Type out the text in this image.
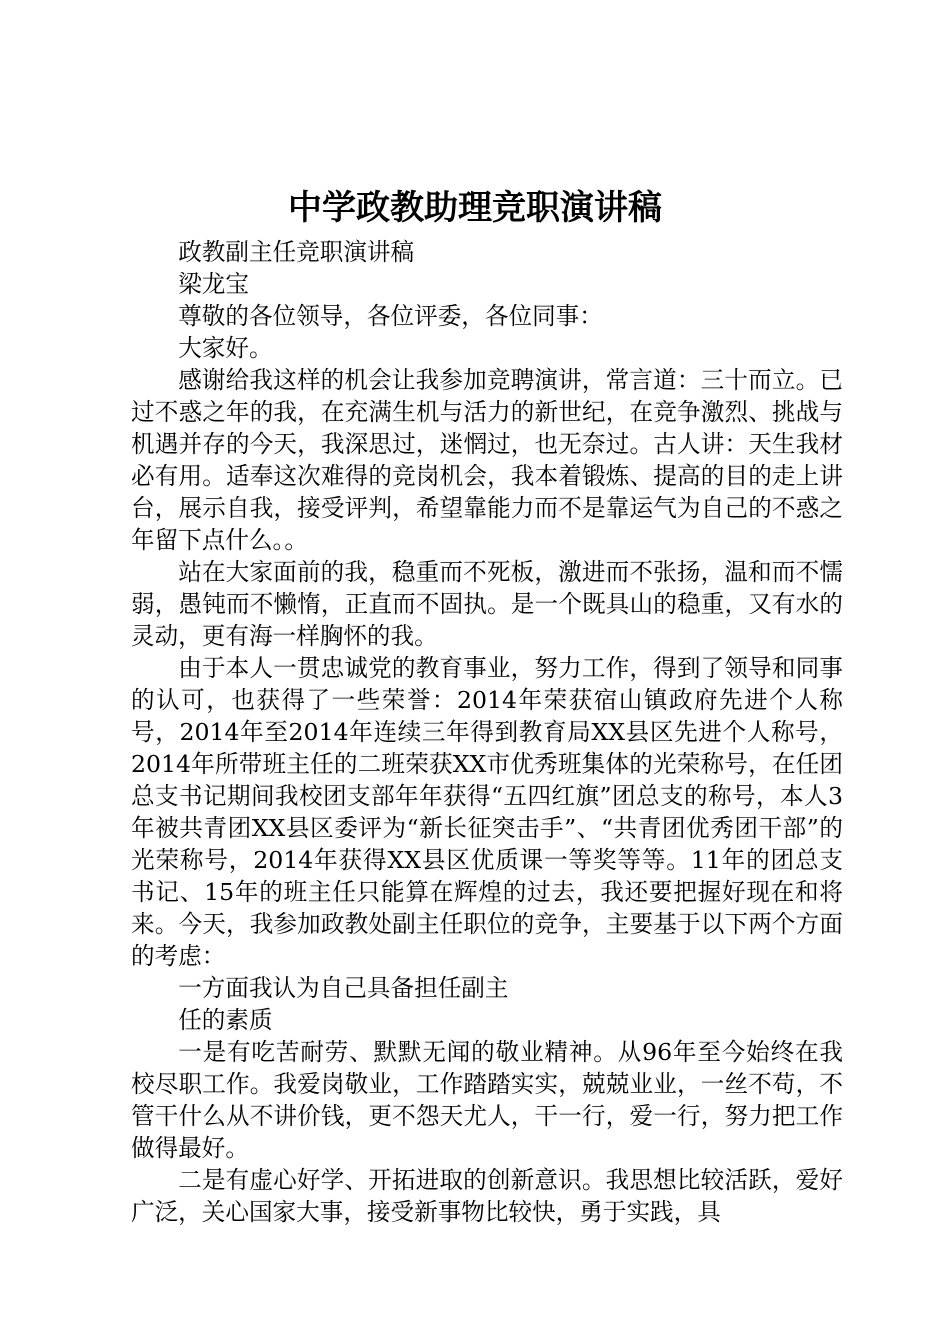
中学政教助理竞职演讲稿

政教副主任竞职演讲稿

梁龙宝

尊敬的各位领导，各位评委，各位同事：

大家好。

感谢给我这样的机会让我参加竞聘演讲，常言道：三十而立。已过不惑之年的我，在充满生机与活力的新世纪，在竞争激烈、挑战与机遇并存的今天，我深思过，迷惘过，也无奈过。古人讲：天生我材必有用。适奉这次难得的竞岗机会，我本着锻炼、提高的目的走上讲台，展示自我，接受评判，希望靠能力而不是靠运气为自己的不惑之年留下点什么。。

站在大家面前的我，稳重而不死板，激进而不张扬，温和而不懦弱，愚钝而不懒惰，正直而不固执。是一个既具山的稳重，又有水的灵动，更有海一样胸怀的我。

由于本人一贯忠诚党的教育事业，努力工作，得到了领导和同事的认可，也获得了一些荣誉：2014年荣获宿山镇政府先进个人称号，2014年至2014年连续三年得到教育局XX县区先进个人称号，2014年所带班主任的二班荣获XX市优秀班集体的光荣称号，在任团总支书记期间我校团支部年年获得“五四红旗”团总支的称号，本人3年被共青团XX县区委评为“新长征突击手”、“共青团优秀团干部”的光荣称号，2014年获得XX县区优质课一等奖等等。11年的团总支书记、15年的班主任只能算在辉煌的过去，我还要把握好现在和将来。今天，我参加政教处副主任职位的竞争，主要基于以下两个方面的考虑：

一方面我认为自己具备担任副主

任的素质

一是有吃苦耐劳、默默无闻的敬业精神。从96年至今始终在我校尽职工作。我爱岗敬业，工作踏踏实实，兢兢业业，一丝不苟，不管干什么从不讲价钱，更不怨天尤人，干一行，爱一行，努力把工作做得最好。

二是有虚心好学、开拓进取的创新意识。我思想比较活跃，爱好广泛，关心国家大事，接受新事物比较快，勇于实践，具
